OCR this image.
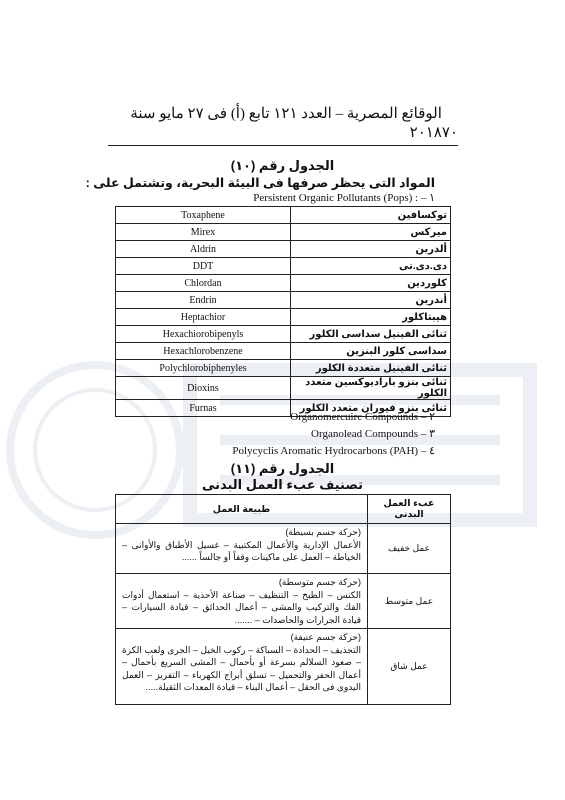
٧٠
الوقائع المصرية – العدد ١٢١ تابع (أ) فى ٢٧ مايو سنة ٢٠١٨
الجدول رقم (١٠)
المواد التى يحظر صرفها فى البيئة البحرية، وتشتمل على :
Persistent Organic Pollutants (Pops) : – ١
Toxaphene	توكسافين
Mirex	ميركس
Aldrin	ألدرين
DDT	دى.دى.تى
Chlordan	كلوردين
Endrin	أندرين
Heptachior	هيبتاكلور
Hexachiorobipenyls	ثنائى الفينيل سداسى الكلور
Hexachlorobenzene	سداسى كلور البنزين
Polychlorobiphenyles	ثنائى الفينيل متعددة الكلور
Dioxins	ثنائى بنزو باراديوكسين متعدد الكلور
Furnas	ثنائى بنزو فيوران متعدد الكلور
Organomercuirc Compounds – ٢
Organolead Compounds – ٣
Polycyclis Aromatic Hydrocarbons (PAH) – ٤
الجدول رقم (١١)
تصنيف عبء العمل البدنى
عبء العمل البدنى	طبيعة العمل
عمل خفيف	(حركة جسم بسيطة)
الأعمال الإدارية والأعمال المكتبية – غسيل الأطباق والأوانى – الخياطة – العمل على ماكينات وقفاً أو جالساً ......
عمل متوسط	(حركة جسم متوسطة)
الكنس – الطبخ – التنظيف – صناعة الأحذية – استعمال أدوات الفك والتركيب والمشى – أعمال الحدائق – قيادة السيارات – قيادة الجرارات والحاصدات – .......
عمل شاق	(حركة جسم عنيفة)
التجذيف – الحدادة – السباكة – ركوب الخيل – الجرى ولعب الكرة – صعود السلالم بسرعة أو بأحمال – المشى السريع بأحمال – أعمال الحفر والتحميل – تسلق أبراج الكهرباء – التفريز – العمل اليدوى فى الحقل – أعمال البناء – قيادة المعدات الثقيلة.....
